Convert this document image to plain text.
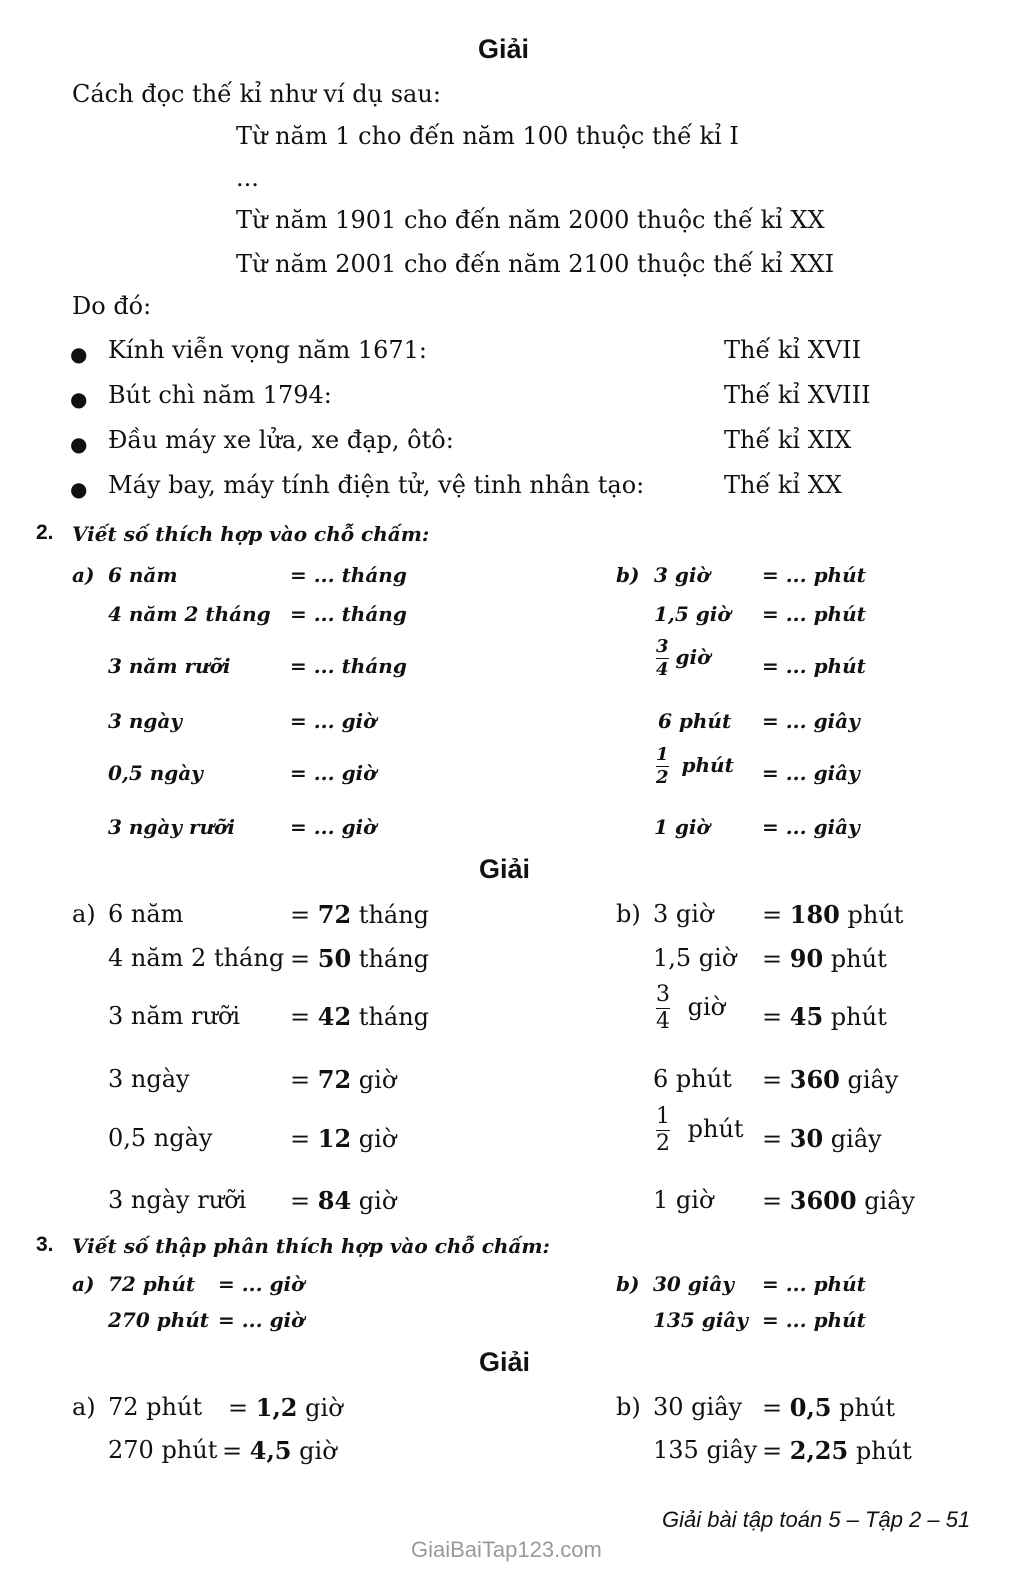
Giải
Cách đọc thế kỉ như ví dụ sau:
Từ năm 1 cho đến năm 100 thuộc thế kỉ I
...
Từ năm 1901 cho đến năm 2000 thuộc thế kỉ XX
Từ năm 2001 cho đến năm 2100 thuộc thế kỉ XXI
Do đó:
● Kính viễn vọng năm 1671:	Thế kỉ XVII
● Bút chì năm 1794:	Thế kỉ XVIII
● Đầu máy xe lửa, xe đạp, ôtô:	Thế kỉ XIX
● Máy bay, máy tính điện tử, vệ tinh nhân tạo:	Thế kỉ XX
2. Viết số thích hợp vào chỗ chấm:
a) 6 năm	= ... tháng
4 năm 2 tháng = ... tháng
3 năm rưỡi	= ... tháng
3 ngày	= ... giờ
0,5 ngày	= ... giờ
3 ngày rưỡi	= ... giờ
b) 3 giờ	= ... phút
1,5 giờ = ... phút
$\frac{3}{4}$ giờ	= ... phút
6 phút = ... giây
$\frac{1}{2}$ phút = ... giây
1 giờ	= ... giây
Giải
a) 6 năm	= 72 tháng
4 năm 2 tháng = 50 tháng
3 năm rưỡi = 42 tháng
3 ngày	= 72 giờ
0,5 ngày	= 12 giờ
3 ngày rưỡi = 84 giờ
b) 3 giờ = 180 phút
1,5 giờ = 90 phút
$\frac{3}{4}$ giờ = 45 phút
6 phút = 360 giây
$\frac{1}{2}$ phút = 30 giây
1 giờ = 3600 giây
3. Viết số thập phân thích hợp vào chỗ chấm:
a) 72 phút = ... giờ
270 phút = ... giờ
b) 30 giây = ... phút
135 giây = ... phút
Giải
a) 72 phút = 1,2 giờ
270 phút = 4,5 giờ
b) 30 giây = 0,5 phút
135 giây = 2,25 phút
Giải bài tập toán 5 – Tập 2 – 51
GiaiBaiTap123.com
